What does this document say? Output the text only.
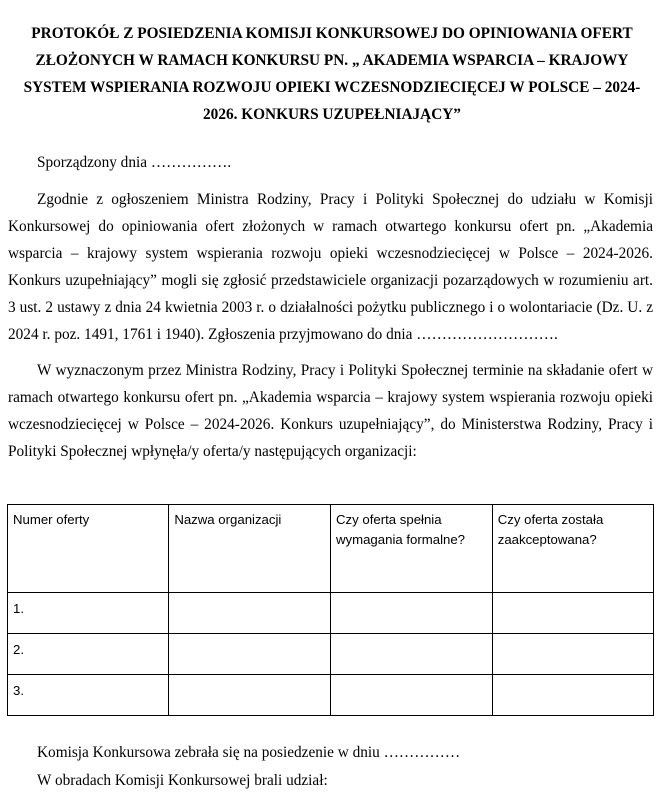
PROTOKÓŁ Z POSIEDZENIA KOMISJI KONKURSOWEJ DO OPINIOWANIA OFERT ZŁOŻONYCH W RAMACH KONKURSU PN. „ AKADEMIA WSPARCIA – KRAJOWY SYSTEM WSPIERANIA ROZWOJU OPIEKI WCZESNODZIECIĘCEJ W POLSCE – 2024-2026. KONKURS UZUPEŁNIAJĄCY”
Sporządzony dnia …………….
Zgodnie z ogłoszeniem Ministra Rodziny, Pracy i Polityki Społecznej do udziału w Komisji Konkursowej do opiniowania ofert złożonych w ramach otwartego konkursu ofert pn. „Akademia wsparcia – krajowy system wspierania rozwoju opieki wczesnodziecięcej w Polsce – 2024-2026. Konkurs uzupełniający” mogli się zgłosić przedstawiciele organizacji pozarządowych w rozumieniu art. 3 ust. 2 ustawy z dnia 24 kwietnia 2003 r. o działalności pożytku publicznego i o wolontariacie (Dz. U. z 2024 r. poz. 1491, 1761 i 1940). Zgłoszenia przyjmowano do dnia ……………………….
W wyznaczonym przez Ministra Rodziny, Pracy i Polityki Społecznej terminie na składanie ofert w ramach otwartego konkursu ofert pn. „Akademia wsparcia – krajowy system wspierania rozwoju opieki wczesnodziecięcej w Polsce – 2024-2026. Konkurs uzupełniający”, do Ministerstwa Rodziny, Pracy i Polityki Społecznej wpłynęła/y oferta/y następujących organizacji:
Numer oferty	Nazwa organizacji	Czy oferta spełnia wymagania formalne?	Czy oferta została zaakceptowana?
1.			
2.			
3.			
Komisja Konkursowa zebrała się na posiedzenie w dniu ……………
W obradach Komisji Konkursowej brali udział:
